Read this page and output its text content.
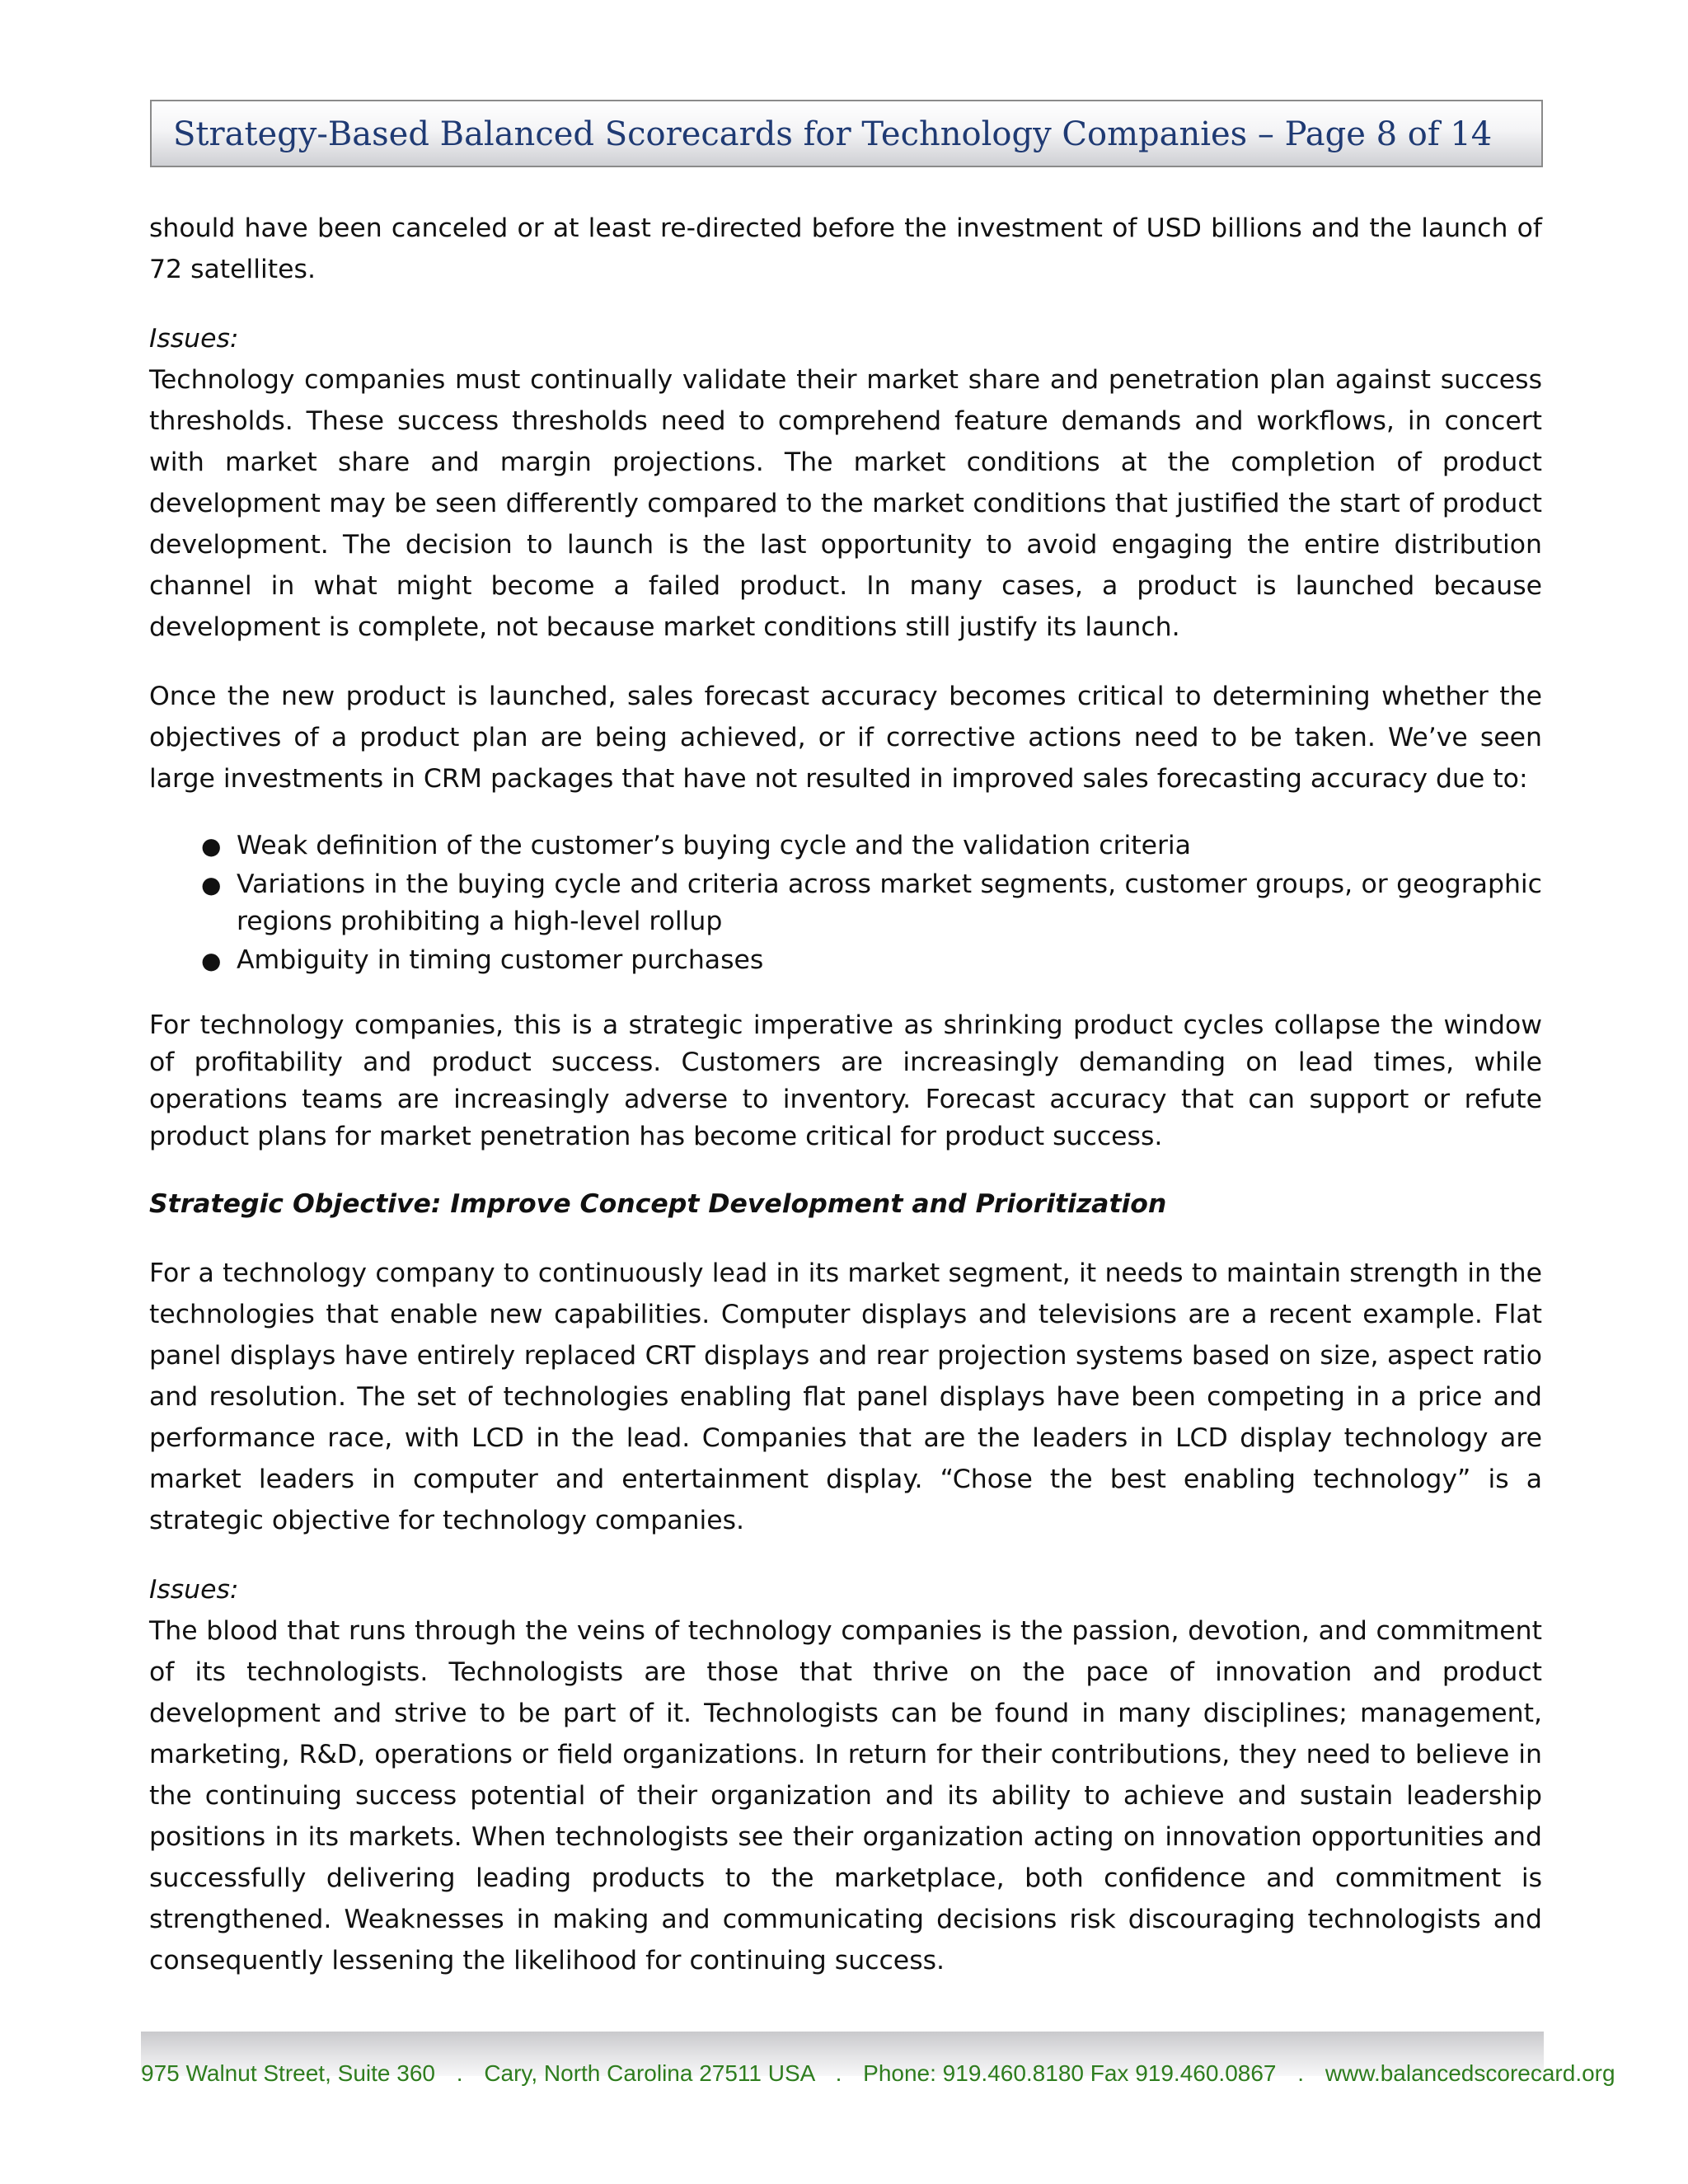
Strategy-Based Balanced Scorecards for Technology Companies – Page 8 of 14

should have been canceled or at least re-directed before the investment of USD billions and the launch of 72 satellites.

Issues:

Technology companies must continually validate their market share and penetration plan against success thresholds. These success thresholds need to comprehend feature demands and workflows, in concert with market share and margin projections. The market conditions at the completion of product development may be seen differently compared to the market conditions that justified the start of product development. The decision to launch is the last opportunity to avoid engaging the entire distribution channel in what might become a failed product. In many cases, a product is launched because development is complete, not because market conditions still justify its launch.

Once the new product is launched, sales forecast accuracy becomes critical to determining whether the objectives of a product plan are being achieved, or if corrective actions need to be taken. We’ve seen large investments in CRM packages that have not resulted in improved sales forecasting accuracy due to:

● Weak definition of the customer’s buying cycle and the validation criteria
● Variations in the buying cycle and criteria across market segments, customer groups, or geographic regions prohibiting a high-level rollup
● Ambiguity in timing customer purchases

For technology companies, this is a strategic imperative as shrinking product cycles collapse the window of profitability and product success. Customers are increasingly demanding on lead times, while operations teams are increasingly adverse to inventory. Forecast accuracy that can support or refute product plans for market penetration has become critical for product success.

Strategic Objective: Improve Concept Development and Prioritization

For a technology company to continuously lead in its market segment, it needs to maintain strength in the technologies that enable new capabilities. Computer displays and televisions are a recent example. Flat panel displays have entirely replaced CRT displays and rear projection systems based on size, aspect ratio and resolution. The set of technologies enabling flat panel displays have been competing in a price and performance race, with LCD in the lead. Companies that are the leaders in LCD display technology are market leaders in computer and entertainment display. “Chose the best enabling technology” is a strategic objective for technology companies.

Issues:

The blood that runs through the veins of technology companies is the passion, devotion, and commitment of its technologists. Technologists are those that thrive on the pace of innovation and product development and strive to be part of it. Technologists can be found in many disciplines; management, marketing, R&D, operations or field organizations. In return for their contributions, they need to believe in the continuing success potential of their organization and its ability to achieve and sustain leadership positions in its markets. When technologists see their organization acting on innovation opportunities and successfully delivering leading products to the marketplace, both confidence and commitment is strengthened. Weaknesses in making and communicating decisions risk discouraging technologists and consequently lessening the likelihood for continuing success.

975 Walnut Street, Suite 360 . Cary, North Carolina 27511 USA . Phone: 919.460.8180 Fax 919.460.0867 . www.balancedscorecard.org
